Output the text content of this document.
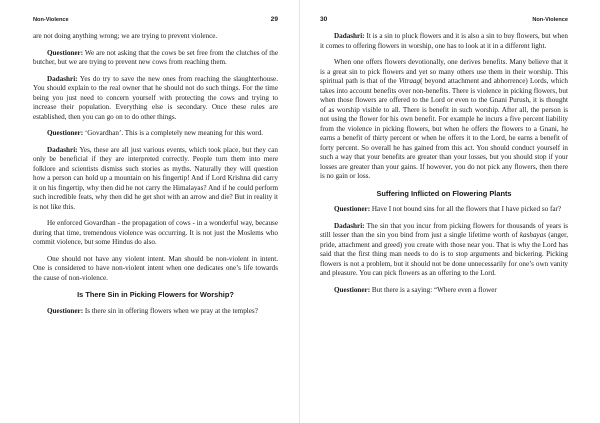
Non-Violence	29

are not doing anything wrong; we are trying to prevent violence.

Questioner: We are not asking that the cows be set free from the clutches of the butcher, but we are trying to prevent new cows from reaching them.

Dadashri: Yes do try to save the new ones from reaching the slaughterhouse. You should explain to the real owner that he should not do such things. For the time being you just need to concern yourself with protecting the cows and trying to increase their population. Everything else is secondary. Once these rules are established, then you can go on to do other things.

Questioner: ‘Govardhan’. This is a completely new meaning for this word.

Dadashri: Yes, these are all just various events, which took place, but they can only be beneficial if they are interpreted correctly. People turn them into mere folklore and scientists dismiss such stories as myths. Naturally they will question how a person can hold up a mountain on his fingertip! And if Lord Krishna did carry it on his fingertip, why then did he not carry the Himalayas? And if he could perform such incredible feats, why then did he get shot with an arrow and die? But in reality it is not like this.

He enforced Govardhan - the propagation of cows - in a wonderful way, because during that time, tremendous violence was occurring. It is not just the Moslems who commit violence, but some Hindus do also.

One should not have any violent intent. Man should be non-violent in intent. One is considered to have non-violent intent when one dedicates one’s life towards the cause of non-violence.

Is There Sin in Picking Flowers for Worship?

Questioner: Is there sin in offering flowers when we pray at the temples?

30	Non-Violence

Dadashri: It is a sin to pluck flowers and it is also a sin to buy flowers, but when it comes to offering flowers in worship, one has to look at it in a different light.

When one offers flowers devotionally, one derives benefits. Many believe that it is a great sin to pick flowers and yet so many others use them in their worship. This spiritual path is that of the Vitraag( beyond attachment and abhorrence) Lords, which takes into account benefits over non-benefits. There is violence in picking flowers, but when those flowers are offered to the Lord or even to the Gnani Purush, it is thought of as worship visible to all. There is benefit in such worship. After all, the person is not using the flower for his own benefit. For example he incurs a five percent liability from the violence in picking flowers, but when he offers the flowers to a Gnani, he earns a benefit of thirty percent or when he offers it to the Lord, he earns a benefit of forty percent. So overall he has gained from this act. You should conduct yourself in such a way that your benefits are greater than your losses, but you should stop if your losses are greater than your gains. If however, you do not pick any flowers, then there is no gain or loss.

Suffering Inflicted on Flowering Plants

Questioner: Have I not bound sins for all the flowers that I have picked so far?

Dadashri: The sin that you incur from picking flowers for thousands of years is still lesser than the sin you bind from just a single lifetime worth of kashayas (anger, pride, attachment and greed) you create with those near you. That is why the Lord has said that the first thing man needs to do is to stop arguments and bickering. Picking flowers is not a problem, but it should not be done unnecessarily for one’s own vanity and pleasure. You can pick flowers as an offering to the Lord.

Questioner: But there is a saying: “Where even a flower
